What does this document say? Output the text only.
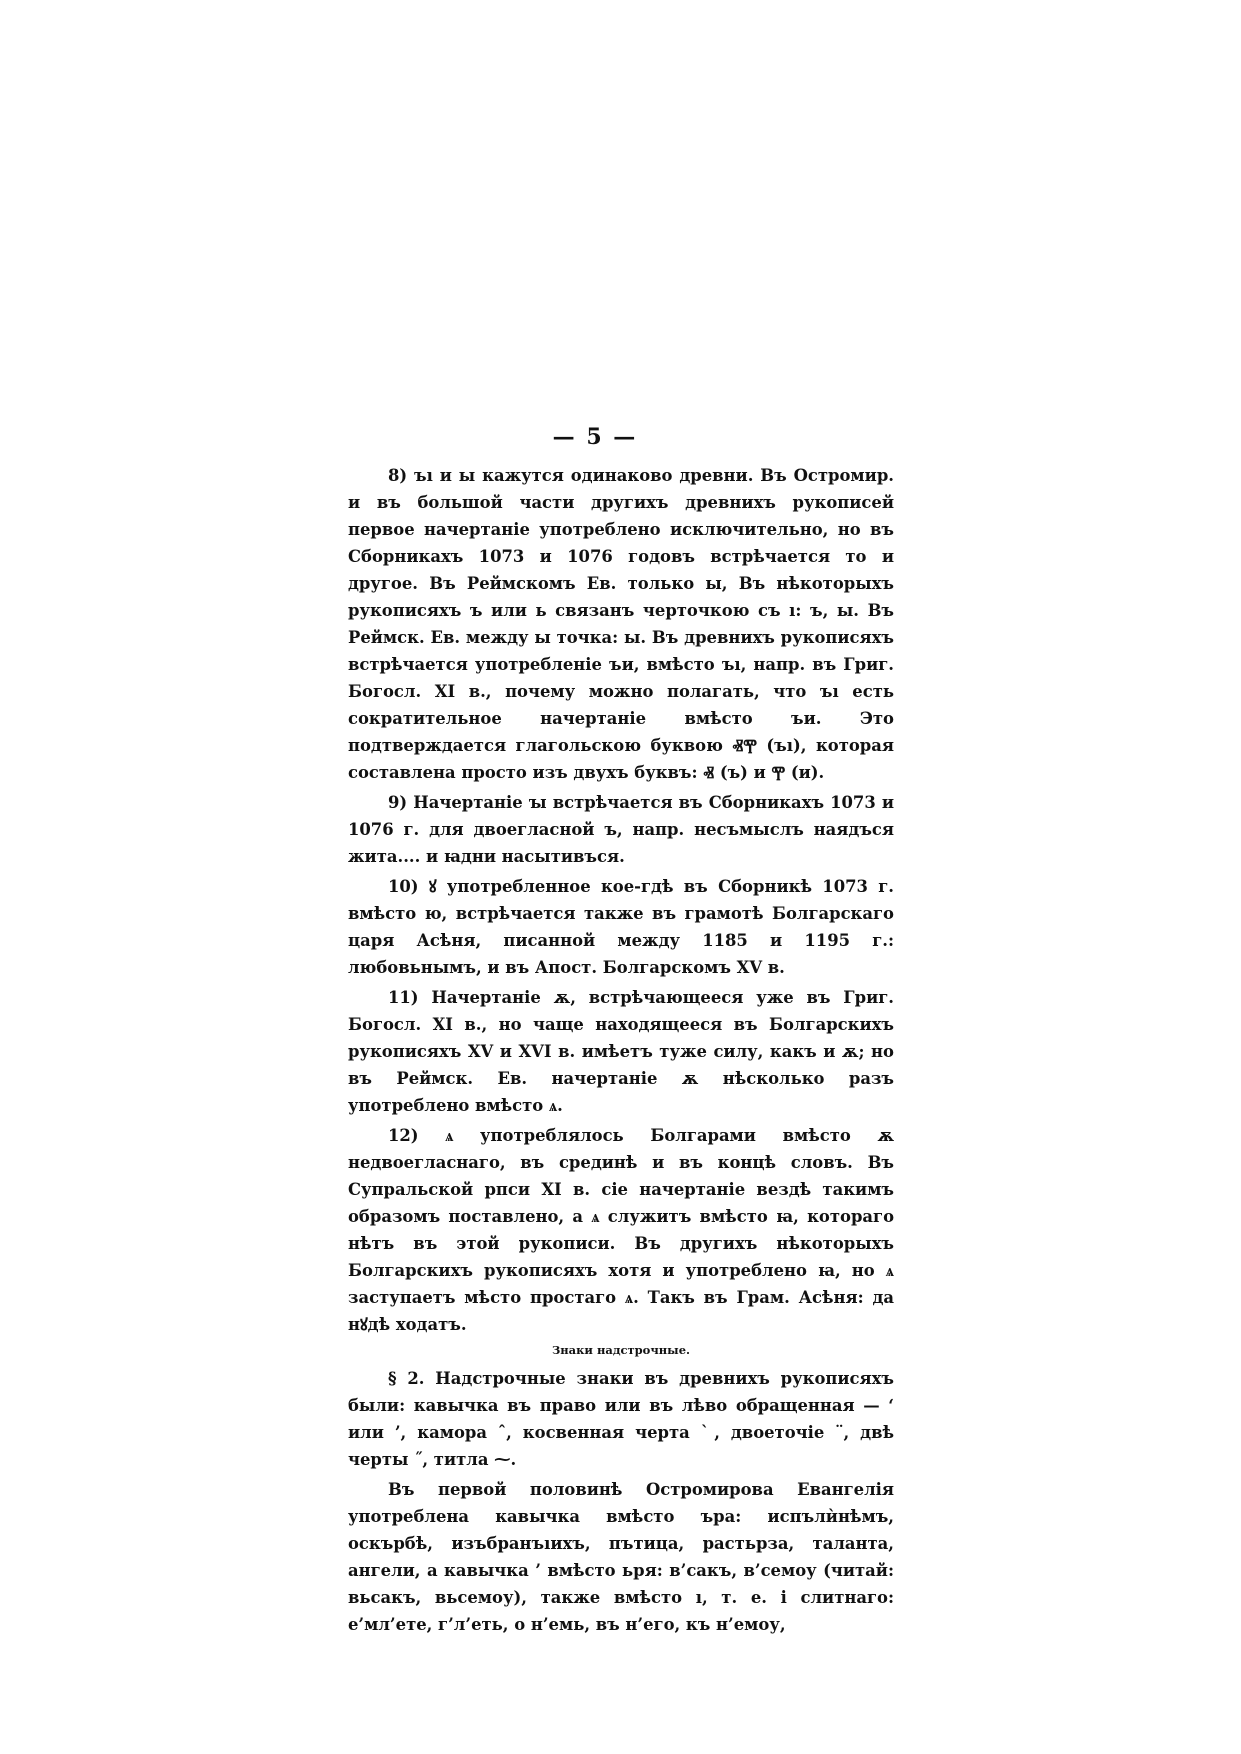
— 5 —

8) ъı и ы кажутся одинаково древни. Въ Остромир. и въ большой части другихъ древнихъ рукописей первое начертаніе употреблено исключительно, но въ Сборникахъ 1073 и 1076 годовъ встрѣчается то и другое. Въ Реймскомъ Ев. только ы, Въ нѣкоторыхъ рукописяхъ ъ или ь связанъ черточкою съ ı: ъ, ы. Въ Реймск. Ев. между ы точка: ы. Въ древнихъ рукописяхъ встрѣчается употребленіе ъи, вмѣсто ъı, напр. въ Григ. Богосл. XI в., почему можно полагать, что ъı есть сократительное начертаніе вмѣсто ъи. Это подтверждается глагольскою буквою ⰟⰉ (ъı), которая составлена просто изъ двухъ буквъ: Ⱏ (ъ) и Ⰹ (и).

9) Начертаніе ꙑ встрѣчается въ Сборникахъ 1073 и 1076 г. для двоегласной ъ, напр. несъмыслъ наядъся жита.... и ꙗдни насытивъся.

10) ꙋ употребленное кое-гдѣ въ Сборникѣ 1073 г. вмѣсто ю, встрѣчается также въ грамотѣ Болгарскаго царя Асѣня, писанной между 1185 и 1195 г.: любовьнымъ, и въ Апост. Болгарскомъ XV в.

11) Начертаніе ѫ, встрѣчающееся уже въ Григ. Богосл. XI в., но чаще находящееся въ Болгарскихъ рукописяхъ XV и XVI в. имѣетъ туже силу, какъ и ѫ; но въ Реймск. Ев. начертаніе ѫ нѣсколько разъ употреблено вмѣсто ѧ.

12) ѧ употреблялось Болгарами вмѣсто ѫ недвоегласнаго, въ срединѣ и въ концѣ словъ. Въ Супральской рпси XI в. сіе начертаніе вездѣ такимъ образомъ поставлено, а ѧ служитъ вмѣсто ꙗ, котораго нѣтъ въ этой рукописи. Въ другихъ нѣкоторыхъ Болгарскихъ рукописяхъ хотя и употреблено ꙗ, но ѧ заступаетъ мѣсто простаго ѧ. Такъ въ Грам. Асѣня: да нꙋдѣ ходатъ.

Знаки надстрочные.

§ 2. Надстрочные знаки въ древнихъ рукописяхъ были: кавычка въ право или въ лѣво обращенная — ‘ или ’, камора ˆ, косвенная черта ˋ, двоеточіе ¨, двѣ черты ˝, титла ⁓.

Въ первой половинѣ Остромирова Евангелія употреблена кавычка вмѣсто ъра: испълѝнѣмъ, оскърбѣ, изъбранъıихъ, пътица, растьрза, таланта, ангели, а кавычка ’ вмѣсто ьря: в’сакъ, в’семоу (читай: вьсакъ, вьсемоу), также вмѣсто ı, т. е. і слитнаго: е’мл’ете, г’л’еть, о н’емь, въ н’его, къ н’емоу,
